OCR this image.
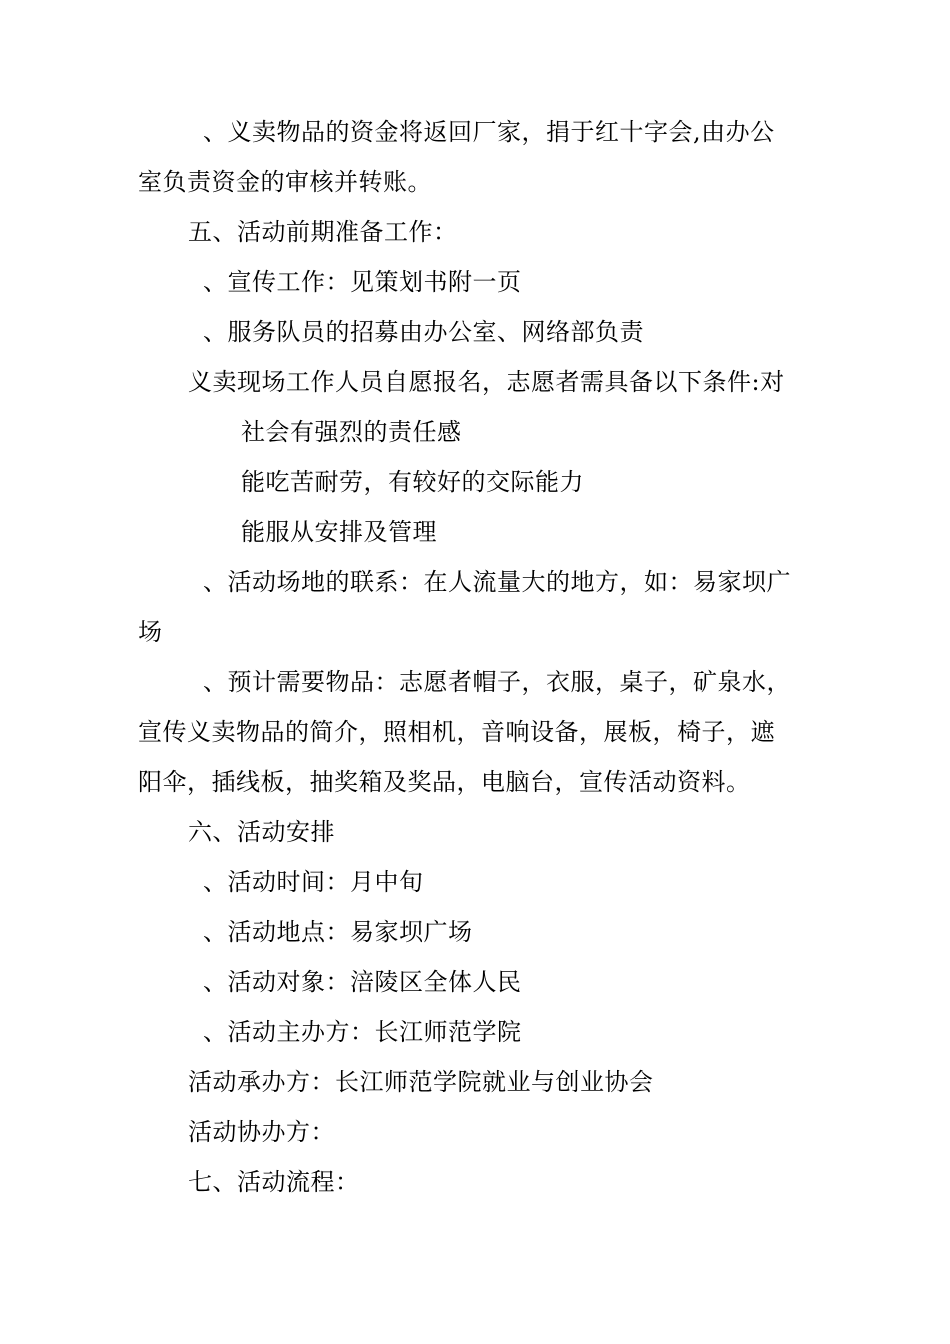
、义卖物品的资金将返回厂家，捐于红十字会,由办公
室负责资金的审核并转账。
五、活动前期准备工作：
、宣传工作：见策划书附一页
、服务队员的招募由办公室、网络部负责
义卖现场工作人员自愿报名，志愿者需具备以下条件:对
社会有强烈的责任感
能吃苦耐劳，有较好的交际能力
能服从安排及管理
、活动场地的联系：在人流量大的地方，如：易家坝广
场
、预计需要物品：志愿者帽子，衣服，桌子，矿泉水，
宣传义卖物品的简介，照相机，音响设备，展板，椅子，遮
阳伞，插线板，抽奖箱及奖品，电脑台，宣传活动资料。
六、活动安排
、活动时间：月中旬
、活动地点：易家坝广场
、活动对象：涪陵区全体人民
、活动主办方：长江师范学院
活动承办方：长江师范学院就业与创业协会
活动协办方：
七、活动流程：
